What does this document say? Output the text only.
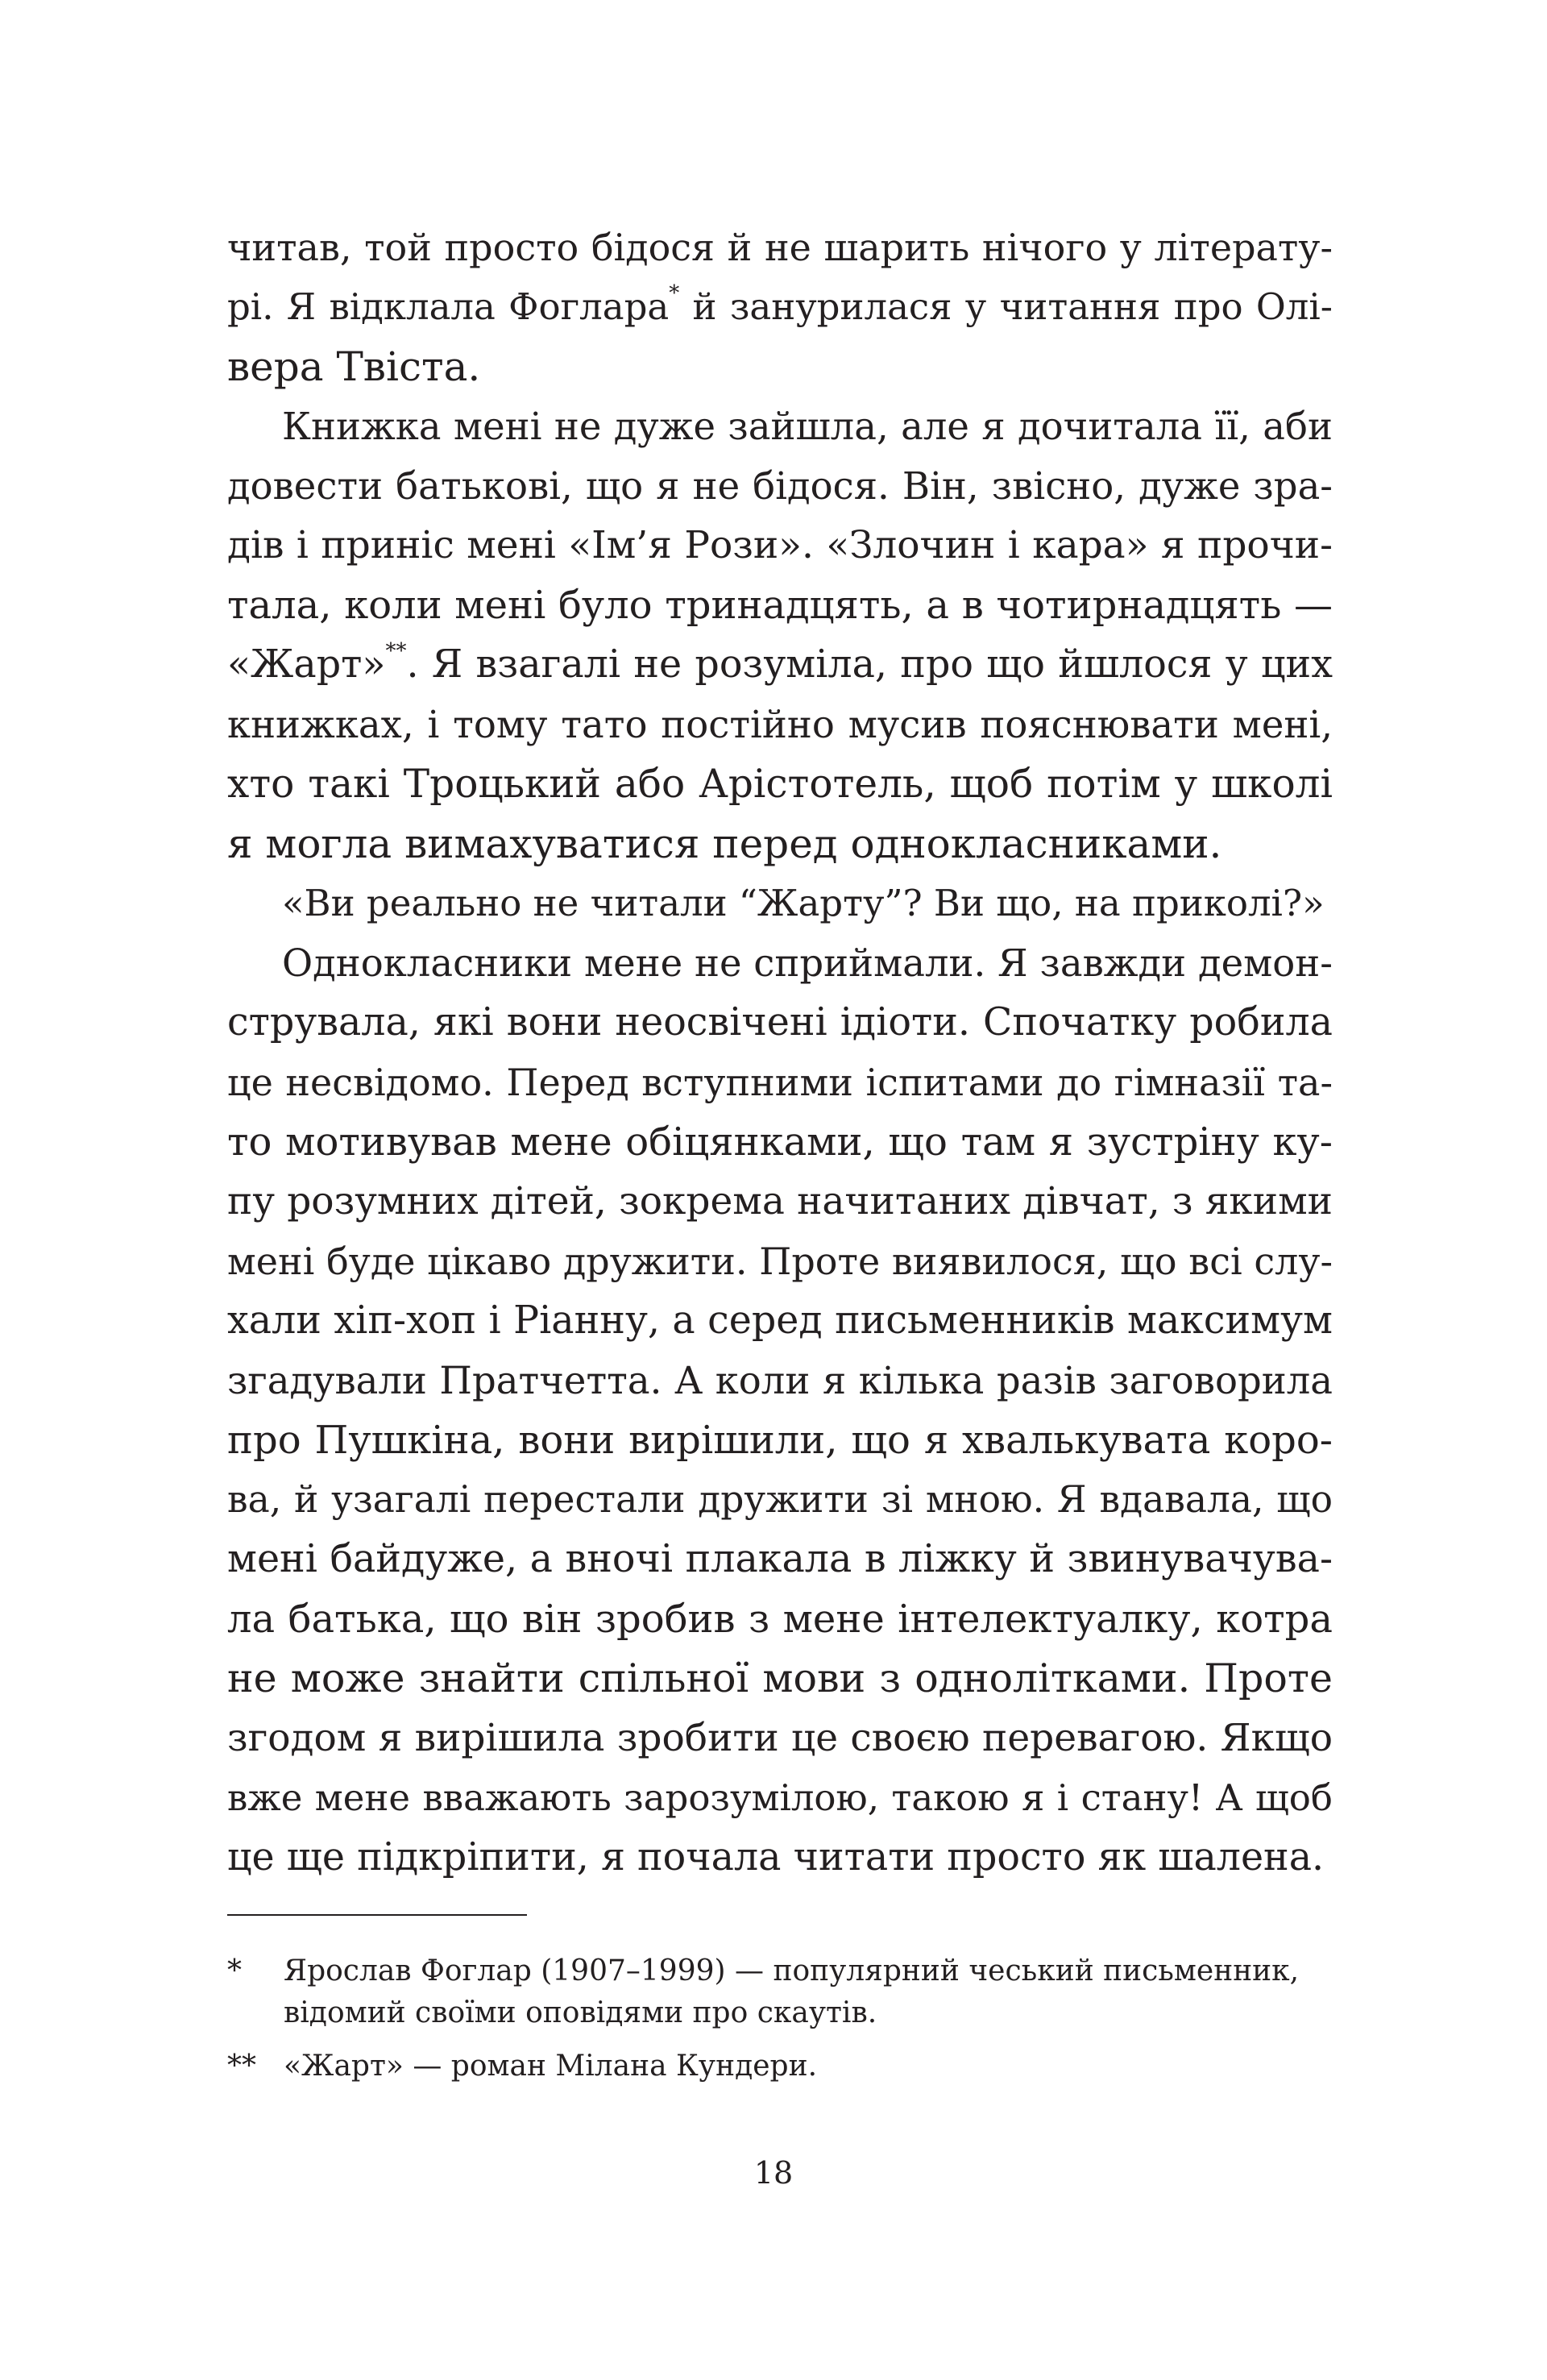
читав, той просто бідося й не шарить нічого у літерату-
рі. Я відклала Фоглара* й занурилася у читання про Олі-
вера Твіста.
Книжка мені не дуже зайшла, але я дочитала її, аби
довести батькові, що я не бідося. Він, звісно, дуже зра-
дів і приніс мені «Ім’я Рози». «Злочин і кара» я прочи-
тала, коли мені було тринадцять, а в чотирнадцять —
«Жарт»**. Я взагалі не розуміла, про що йшлося у цих
книжках, і тому тато постійно мусив пояснювати мені,
хто такі Троцький або Арістотель, щоб потім у школі
я могла вимахуватися перед однокласниками.
«Ви реально не читали “Жарту”? Ви що, на приколі?»
Однокласники мене не сприймали. Я завжди демон-
струвала, які вони неосвічені ідіоти. Спочатку робила
це несвідомо. Перед вступними іспитами до гімназії та-
то мотивував мене обіцянками, що там я зустріну ку-
пу розумних дітей, зокрема начитаних дівчат, з якими
мені буде цікаво дружити. Проте виявилося, що всі слу-
хали хіп-хоп і Ріанну, а серед письменників максимум
згадували Пратчетта. А коли я кілька разів заговорила
про Пушкіна, вони вирішили, що я хвалькувата коро-
ва, й узагалі перестали дружити зі мною. Я вдавала, що
мені байдуже, а вночі плакала в ліжку й звинувачува-
ла батька, що він зробив з мене інтелектуалку, котра
не може знайти спільної мови з однолітками. Проте
згодом я вирішила зробити це своєю перевагою. Якщо
вже мене вважають зарозумілою, такою я і стану! А щоб
це ще підкріпити, я почала читати просто як шалена.
* Ярослав Фоглар (1907–1999) — популярний чеський письменник,
відомий своїми оповідями про скаутів.
** «Жарт» — роман Мілана Кундери.
18
